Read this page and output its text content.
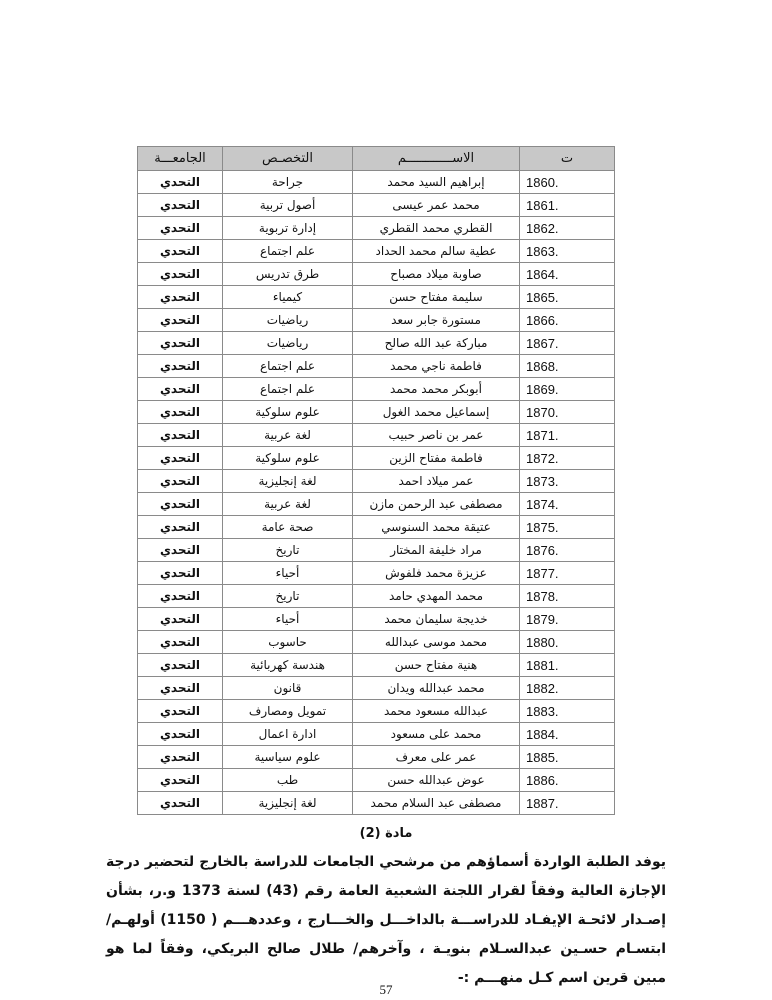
ت	الاســــــــــــم	التخصـص	الجامعـــة
1860.	إبراهيم السيد محمد	جراحة	التحدي
1861.	محمد عمر عيسى	أصول تربية	التحدي
1862.	القطري محمد القطري	إدارة تربوية	التحدي
1863.	عطية سالم محمد الحداد	علم اجتماع	التحدي
1864.	صاوبة ميلاد مصباح	طرق تدريس	التحدي
1865.	سليمة مفتاح حسن	كيمياء	التحدي
1866.	مستورة جابر سعد	رياضيات	التحدي
1867.	مباركة عبد الله صالح	رياضيات	التحدي
1868.	فاطمة ناجي محمد	علم اجتماع	التحدي
1869.	أبوبكر محمد محمد	علم اجتماع	التحدي
1870.	إسماعيل محمد الغول	علوم سلوكية	التحدي
1871.	عمر بن ناصر حبيب	لغة عربية	التحدي
1872.	فاطمة مفتاح الزين	علوم سلوكية	التحدي
1873.	عمر ميلاد احمد	لغة إنجليزية	التحدي
1874.	مصطفى عبد الرحمن مازن	لغة عربية	التحدي
1875.	عتيقة محمد السنوسي	صحة عامة	التحدي
1876.	مراد خليفة المختار	تاريخ	التحدي
1877.	عزيزة محمد فلفوش	أحياء	التحدي
1878.	محمد المهدي حامد	تاريخ	التحدي
1879.	خديجة سليمان محمد	أحياء	التحدي
1880.	محمد موسى عبدالله	حاسوب	التحدي
1881.	هنية مفتاح حسن	هندسة كهربائية	التحدي
1882.	محمد عبدالله ويدان	قانون	التحدي
1883.	عبدالله مسعود محمد	تمويل ومصارف	التحدي
1884.	محمد على مسعود	ادارة اعمال	التحدي
1885.	عمر على معرف	علوم سياسية	التحدي
1886.	عوض عبدالله حسن	طب	التحدي
1887.	مصطفى عبد السلام محمد	لغة إنجليزية	التحدي

مادة (2)

يوفد الطلبة الواردة أسماؤهم من مرشحي الجامعات للدراسة بالخارج لتحضير درجة الإجازة العالية وفقاً لقرار اللجنة الشعبية العامة رقم (43) لسنة 1373 و.ر، بشأن إصـدار لائحـة الإيفـاد للدراســـة بالداخـــل والخـــارج ، وعددهـــم ( 1150) أولهـم/ ابتسـام حسـين عبدالسـلام بنويـة ، وآخرهم/ طلال صالح البريكي، وفقاً لما هو مبين قرين اسم كـل منهـــم :-

57
